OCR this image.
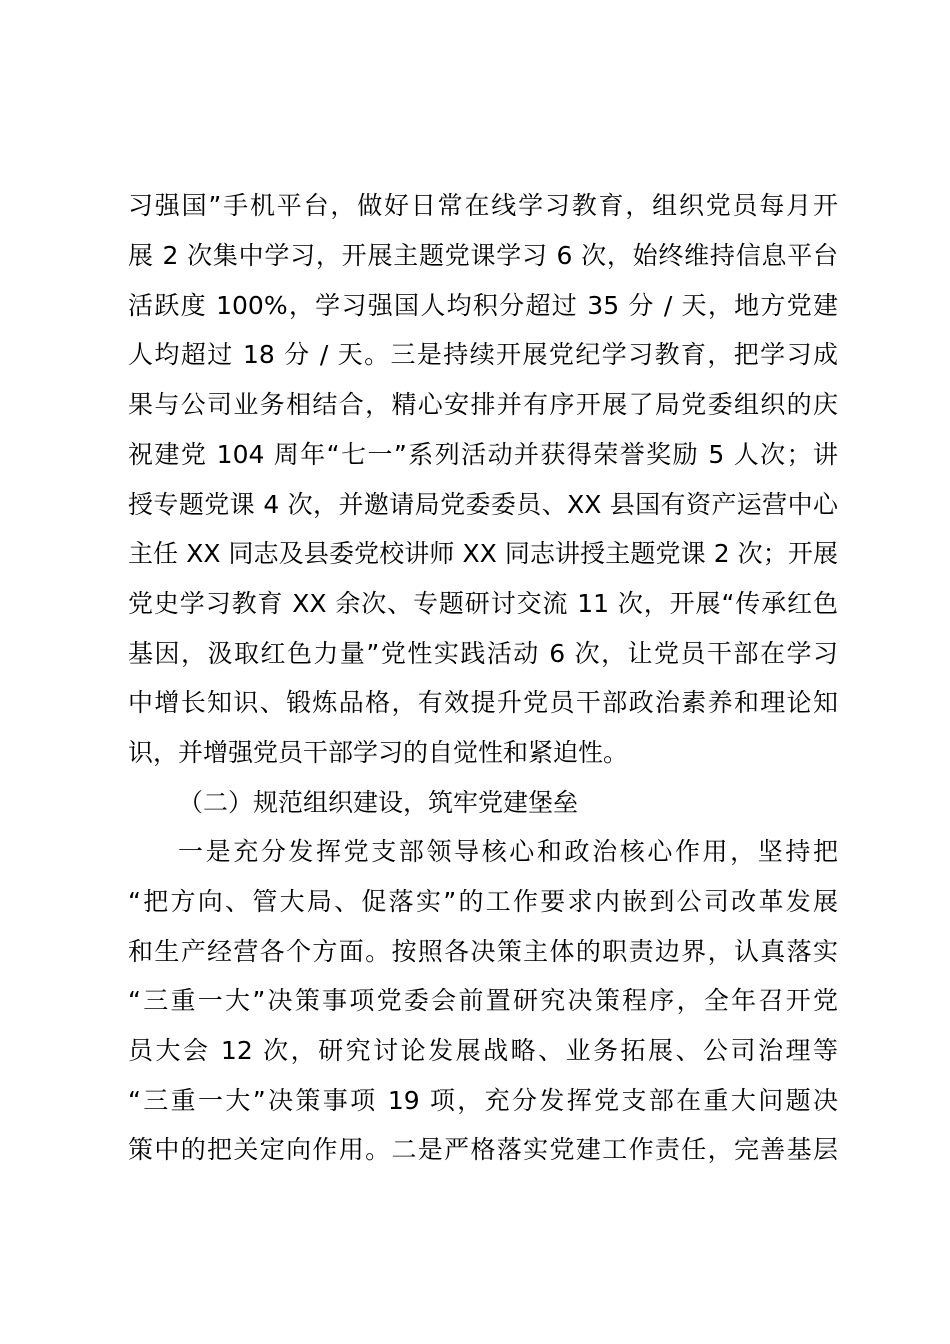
习强国”手机平台，做好日常在线学习教育，组织党员每月开
展 2 次集中学习，开展主题党课学习 6 次，始终维持信息平台
活跃度 100%，学习强国人均积分超过 35 分 / 天，地方党建
人均超过 18 分 / 天。三是持续开展党纪学习教育，把学习成
果与公司业务相结合，精心安排并有序开展了局党委组织的庆
祝建党 104 周年“七一”系列活动并获得荣誉奖励 5 人次；讲
授专题党课 4 次，并邀请局党委委员、XX 县国有资产运营中心
主任 XX 同志及县委党校讲师 XX 同志讲授主题党课 2 次；开展
党史学习教育 XX 余次、专题研讨交流 11 次，开展“传承红色
基因，汲取红色力量”党性实践活动 6 次，让党员干部在学习
中增长知识、锻炼品格，有效提升党员干部政治素养和理论知
识，并增强党员干部学习的自觉性和紧迫性。
（二）规范组织建设，筑牢党建堡垒
一是充分发挥党支部领导核心和政治核心作用，坚持把
“把方向、管大局、促落实”的工作要求内嵌到公司改革发展
和生产经营各个方面。按照各决策主体的职责边界，认真落实
“三重一大”决策事项党委会前置研究决策程序，全年召开党
员大会 12 次，研究讨论发展战略、业务拓展、公司治理等
“三重一大”决策事项 19 项，充分发挥党支部在重大问题决
策中的把关定向作用。二是严格落实党建工作责任，完善基层
